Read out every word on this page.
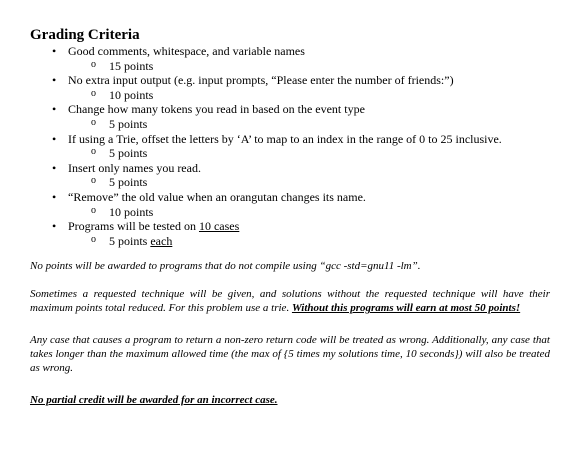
Grading Criteria
• Good comments, whitespace, and variable names
o 15 points
• No extra input output (e.g. input prompts, “Please enter the number of friends:”)
o 10 points
• Change how many tokens you read in based on the event type
o 5 points
• If using a Trie, offset the letters by ‘A’ to map to an index in the range of 0 to 25 inclusive.
o 5 points
• Insert only names you read.
o 5 points
• “Remove” the old value when an orangutan changes its name.
o 10 points
• Programs will be tested on 10 cases
o 5 points each

No points will be awarded to programs that do not compile using “gcc -std=gnu11 -lm”.

Sometimes a requested technique will be given, and solutions without the requested technique will have their maximum points total reduced. For this problem use a trie. Without this programs will earn at most 50 points!

Any case that causes a program to return a non-zero return code will be treated as wrong. Additionally, any case that takes longer than the maximum allowed time (the max of {5 times my solutions time, 10 seconds}) will also be treated as wrong.

No partial credit will be awarded for an incorrect case.
